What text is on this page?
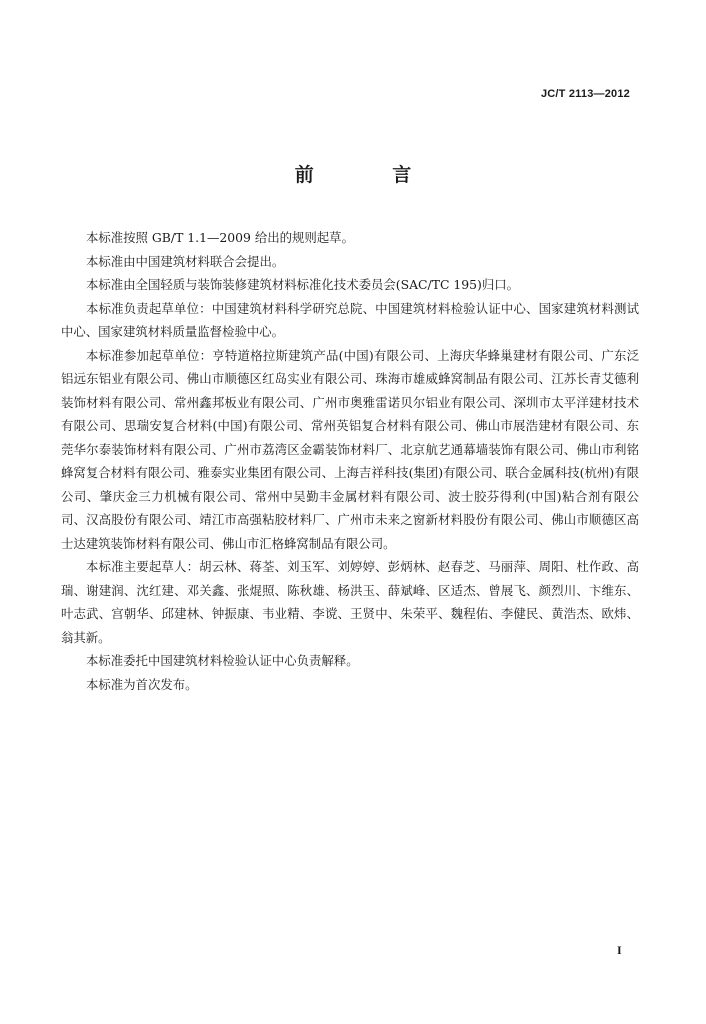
JC/T 2113—2012
前 言

本标准按照 GB/T 1.1—2009 给出的规则起草。

本标准由中国建筑材料联合会提出。

本标准由全国轻质与装饰装修建筑材料标准化技术委员会(SAC/TC 195)归口。

本标准负责起草单位：中国建筑材料科学研究总院、中国建筑材料检验认证中心、国家建筑材料测试中心、国家建筑材料质量监督检验中心。

本标准参加起草单位：亨特道格拉斯建筑产品(中国)有限公司、上海庆华蜂巢建材有限公司、广东泛铝远东铝业有限公司、佛山市顺德区红岛实业有限公司、珠海市雄威蜂窝制品有限公司、江苏长青艾德利装饰材料有限公司、常州鑫邦板业有限公司、广州市奥雅雷诺贝尔铝业有限公司、深圳市太平洋建材技术有限公司、思瑞安复合材料(中国)有限公司、常州英铝复合材料有限公司、佛山市展浩建材有限公司、东莞华尔泰装饰材料有限公司、广州市荔湾区金霸装饰材料厂、北京航艺通幕墙装饰有限公司、佛山市利铭蜂窝复合材料有限公司、雅泰实业集团有限公司、上海吉祥科技(集团)有限公司、联合金属科技(杭州)有限公司、肇庆金三力机械有限公司、常州中吴勤丰金属材料有限公司、波士胶芬得利(中国)粘合剂有限公司、汉高股份有限公司、靖江市高强粘胶材料厂、广州市未来之窗新材料股份有限公司、佛山市顺德区高士达建筑装饰材料有限公司、佛山市汇格蜂窝制品有限公司。

本标准主要起草人：胡云林、蒋荃、刘玉军、刘婷婷、彭炳林、赵春芝、马丽萍、周阳、杜作政、高瑞、谢建润、沈红建、邓关鑫、张焜照、陈秋雄、杨洪玉、薛斌峰、区适杰、曾展飞、颜烈川、卞维东、叶志武、宫朝华、邱建林、钟振康、韦业精、李谠、王贤中、朱荣平、魏程佑、李健民、黄浩杰、欧炜、翁其新。

本标准委托中国建筑材料检验认证中心负责解释。

本标准为首次发布。

I
